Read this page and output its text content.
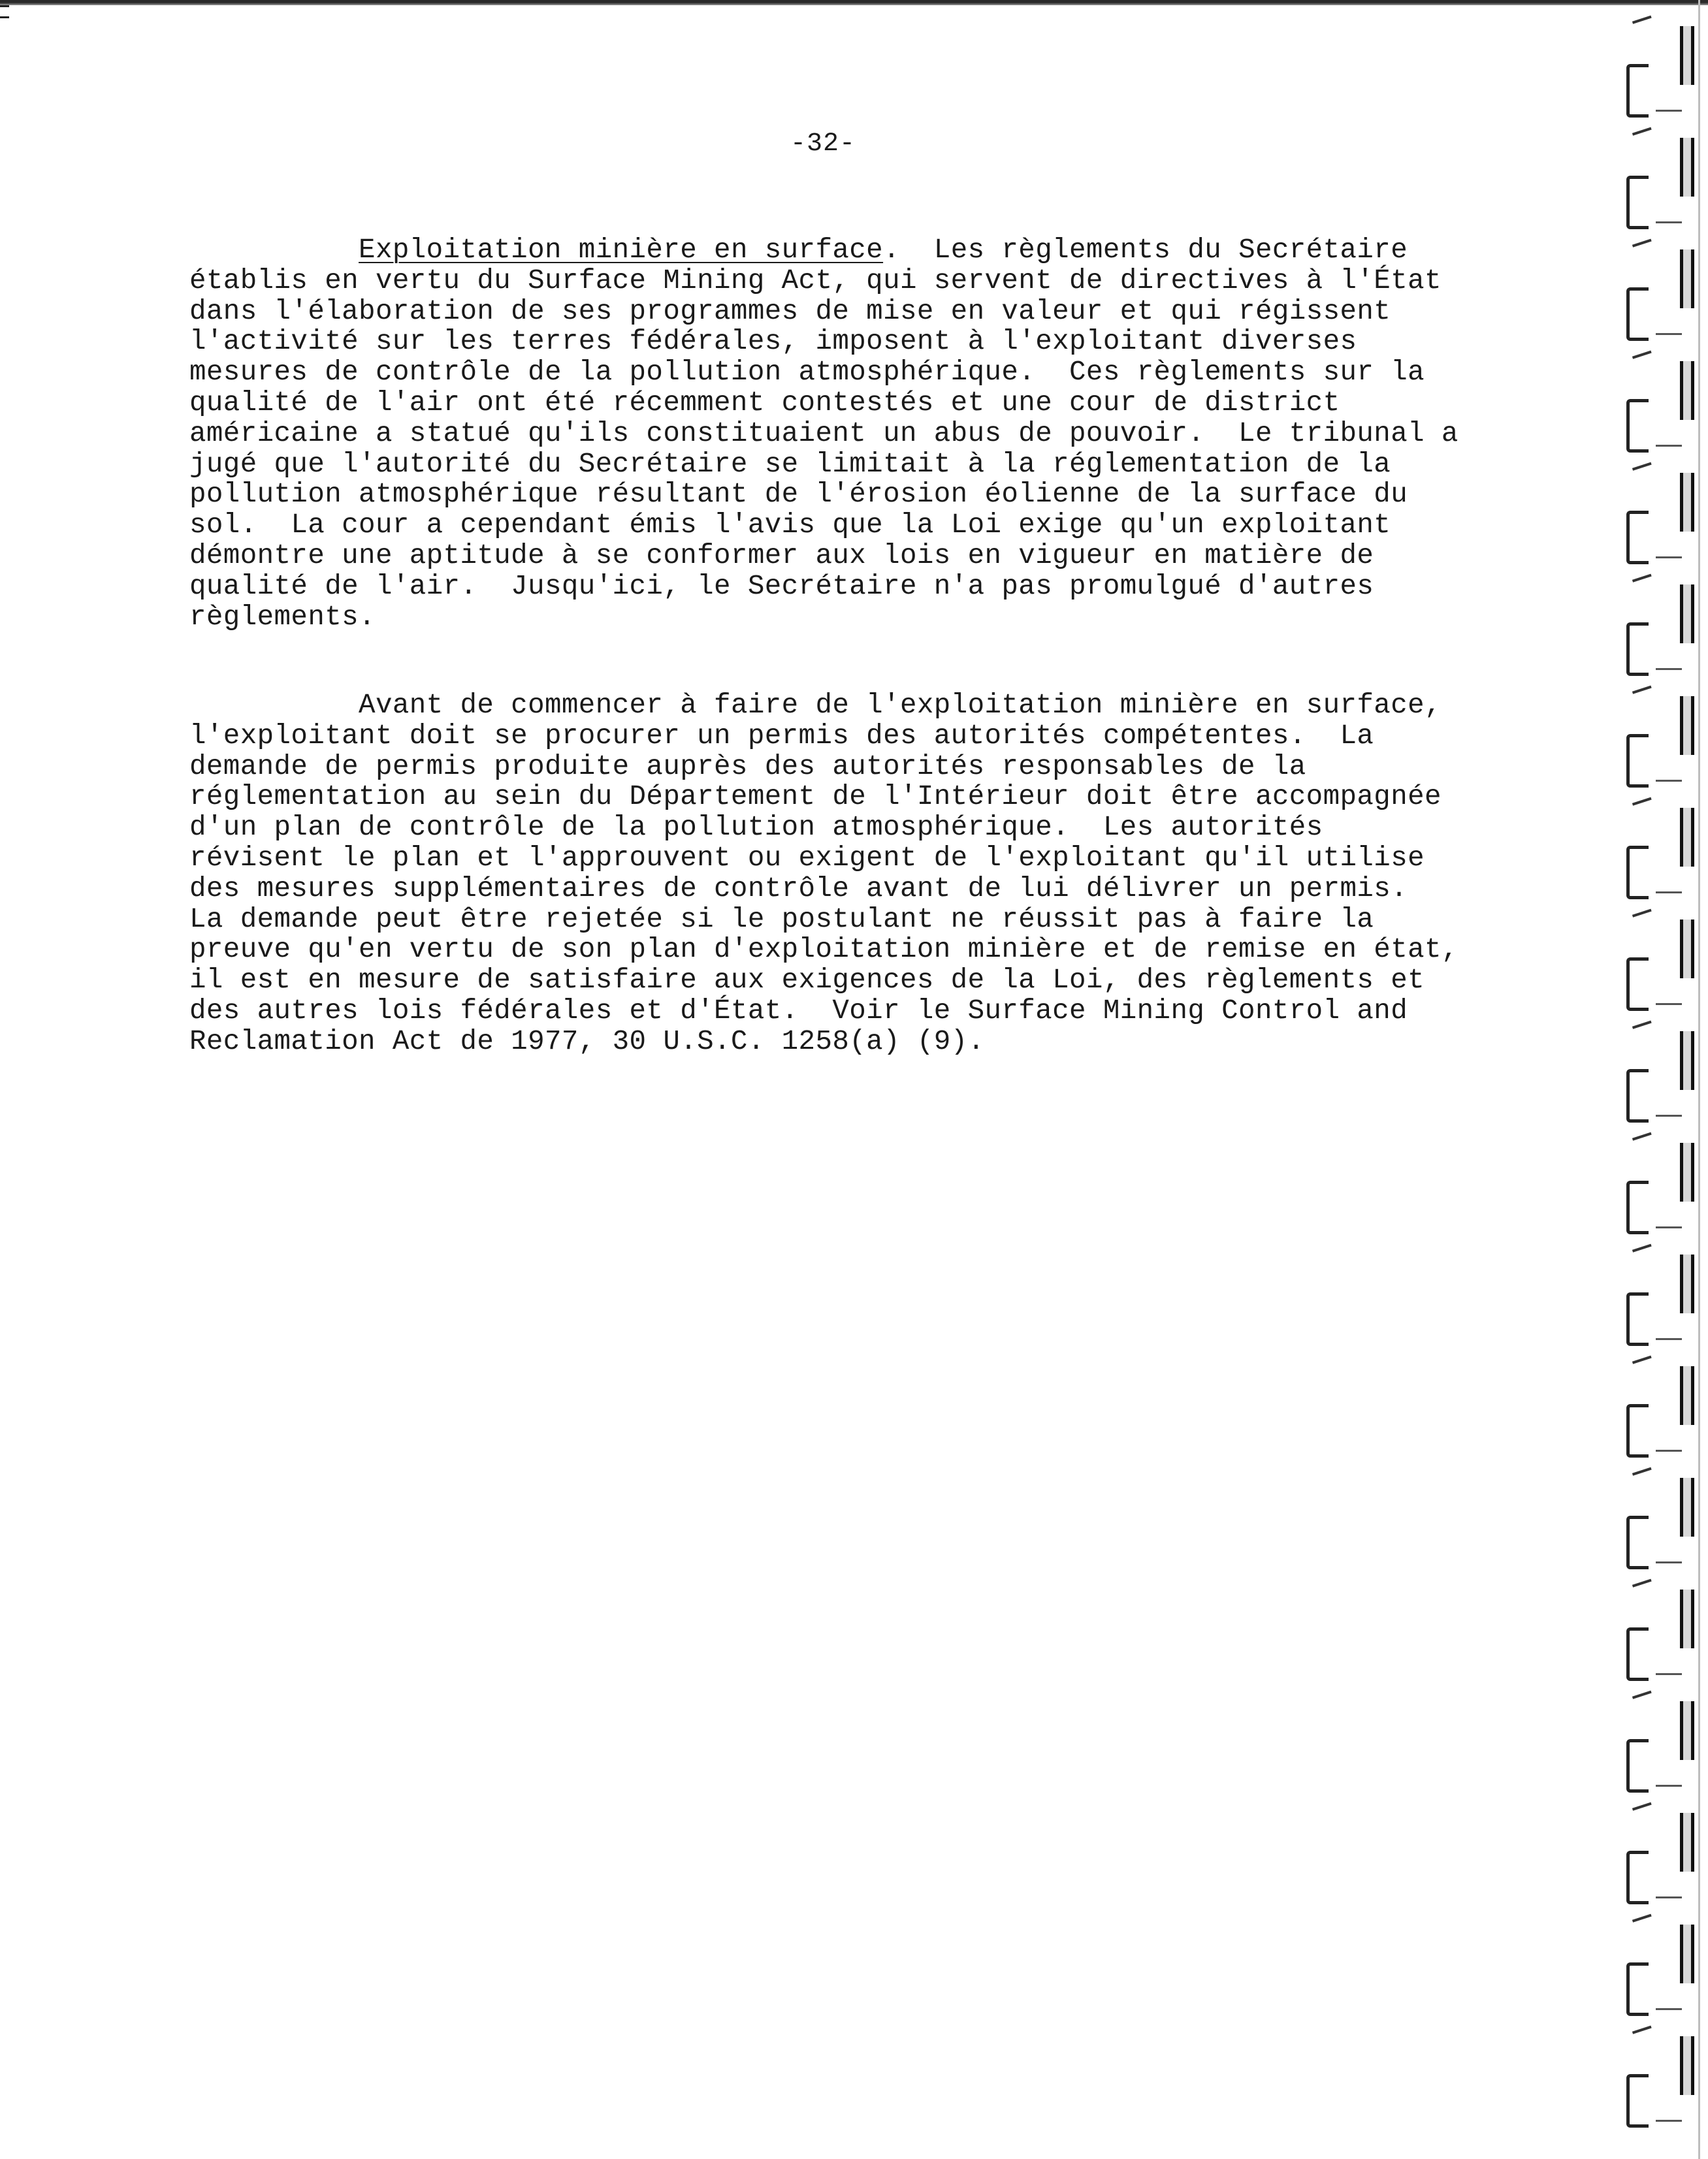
-32-

Exploitation minière en surface.  Les règlements du Secrétaire
établis en vertu du Surface Mining Act, qui servent de directives à l'État
dans l'élaboration de ses programmes de mise en valeur et qui régissent
l'activité sur les terres fédérales, imposent à l'exploitant diverses
mesures de contrôle de la pollution atmosphérique.  Ces règlements sur la
qualité de l'air ont été récemment contestés et une cour de district
américaine a statué qu'ils constituaient un abus de pouvoir.  Le tribunal a
jugé que l'autorité du Secrétaire se limitait à la réglementation de la
pollution atmosphérique résultant de l'érosion éolienne de la surface du
sol.  La cour a cependant émis l'avis que la Loi exige qu'un exploitant
démontre une aptitude à se conformer aux lois en vigueur en matière de
qualité de l'air.  Jusqu'ici, le Secrétaire n'a pas promulgué d'autres
règlements.

Avant de commencer à faire de l'exploitation minière en surface,
l'exploitant doit se procurer un permis des autorités compétentes.  La
demande de permis produite auprès des autorités responsables de la
réglementation au sein du Département de l'Intérieur doit être accompagnée
d'un plan de contrôle de la pollution atmosphérique.  Les autorités
révisent le plan et l'approuvent ou exigent de l'exploitant qu'il utilise
des mesures supplémentaires de contrôle avant de lui délivrer un permis.
La demande peut être rejetée si le postulant ne réussit pas à faire la
preuve qu'en vertu de son plan d'exploitation minière et de remise en état,
il est en mesure de satisfaire aux exigences de la Loi, des règlements et
des autres lois fédérales et d'État.  Voir le Surface Mining Control and
Reclamation Act de 1977, 30 U.S.C. 1258(a) (9).
